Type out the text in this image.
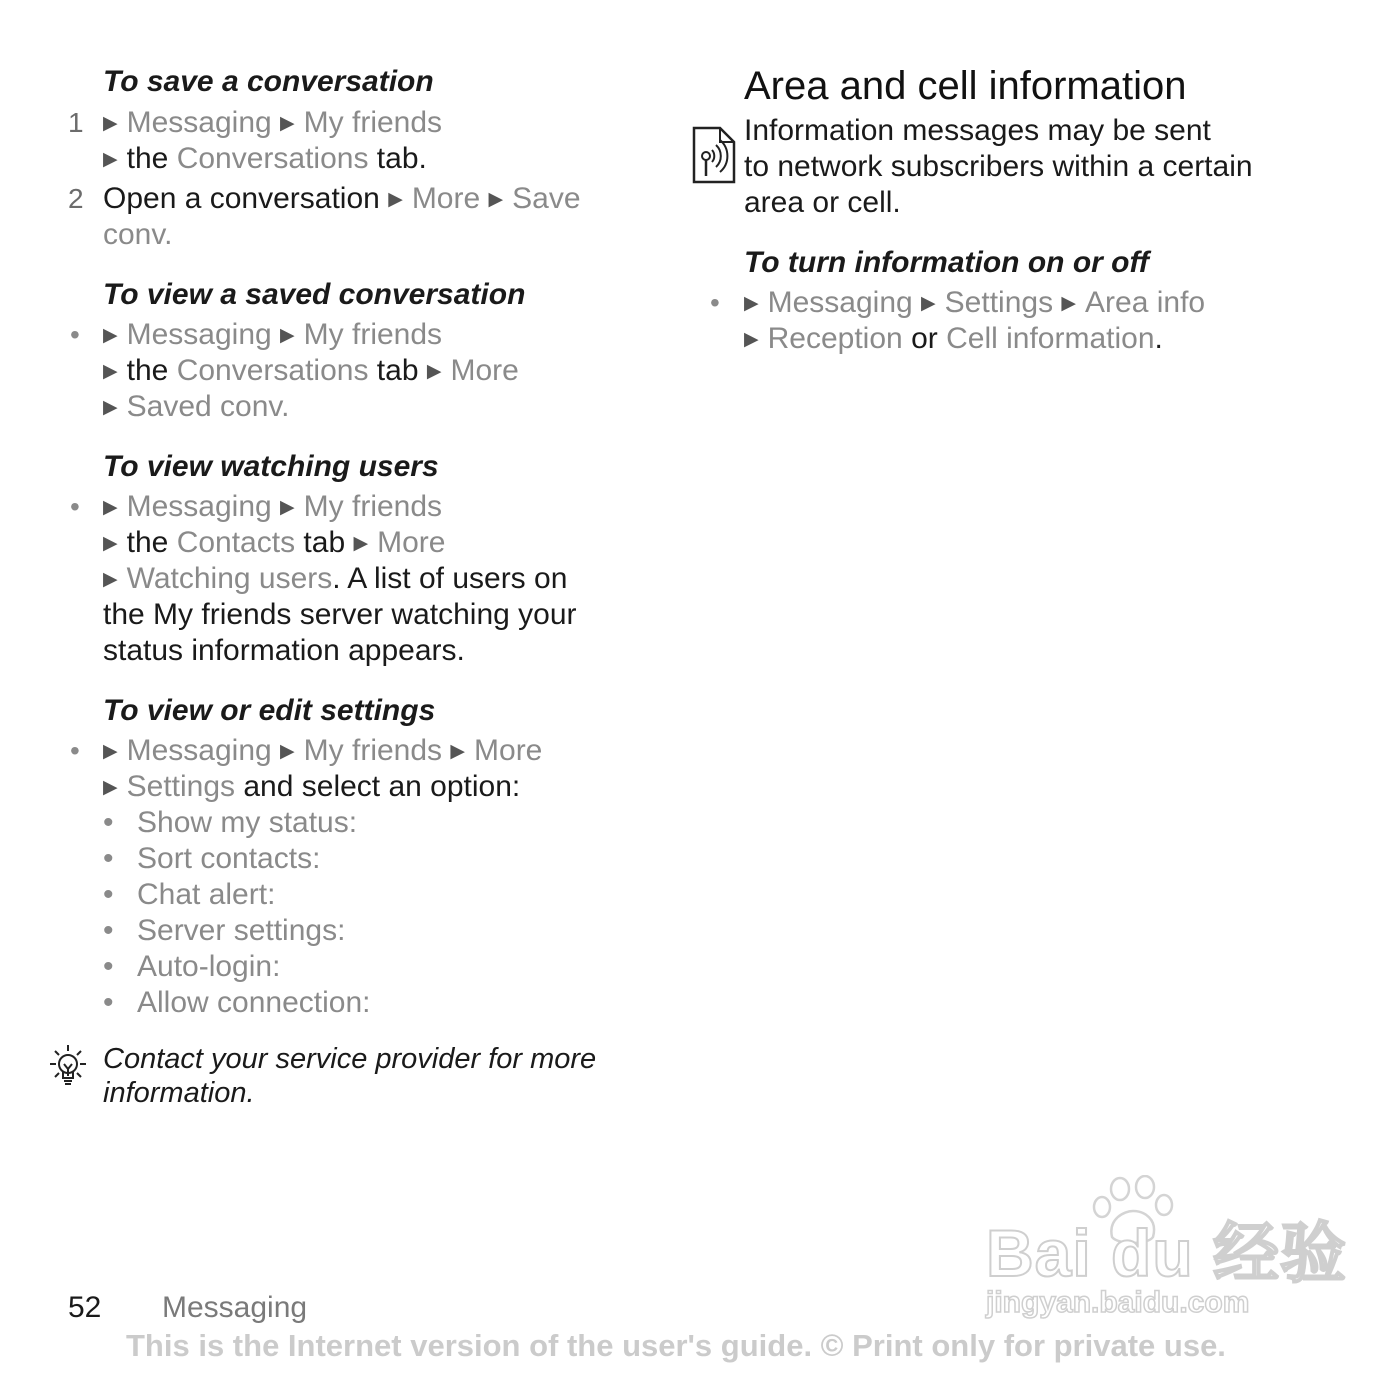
To save a conversation
1 ▶ Messaging ▶ My friends
▶ the Conversations tab.
2 Open a conversation ▶ More ▶ Save
conv.
To view a saved conversation
• ▶ Messaging ▶ My friends
▶ the Conversations tab ▶ More
▶ Saved conv.
To view watching users
• ▶ Messaging ▶ My friends
▶ the Contacts tab ▶ More
▶ Watching users. A list of users on
the My friends server watching your
status information appears.
To view or edit settings
• ▶ Messaging ▶ My friends ▶ More
▶ Settings and select an option:
• Show my status:
• Sort contacts:
• Chat alert:
• Server settings:
• Auto-login:
• Allow connection:
Contact your service provider for more
information.
Area and cell information
Information messages may be sent
to network subscribers within a certain
area or cell.
To turn information on or off
• ▶ Messaging ▶ Settings ▶ Area info
▶ Reception or Cell information.
Bai du 经验
jingyan.baidu.com
52 Messaging
This is the Internet version of the user's guide. © Print only for private use.
